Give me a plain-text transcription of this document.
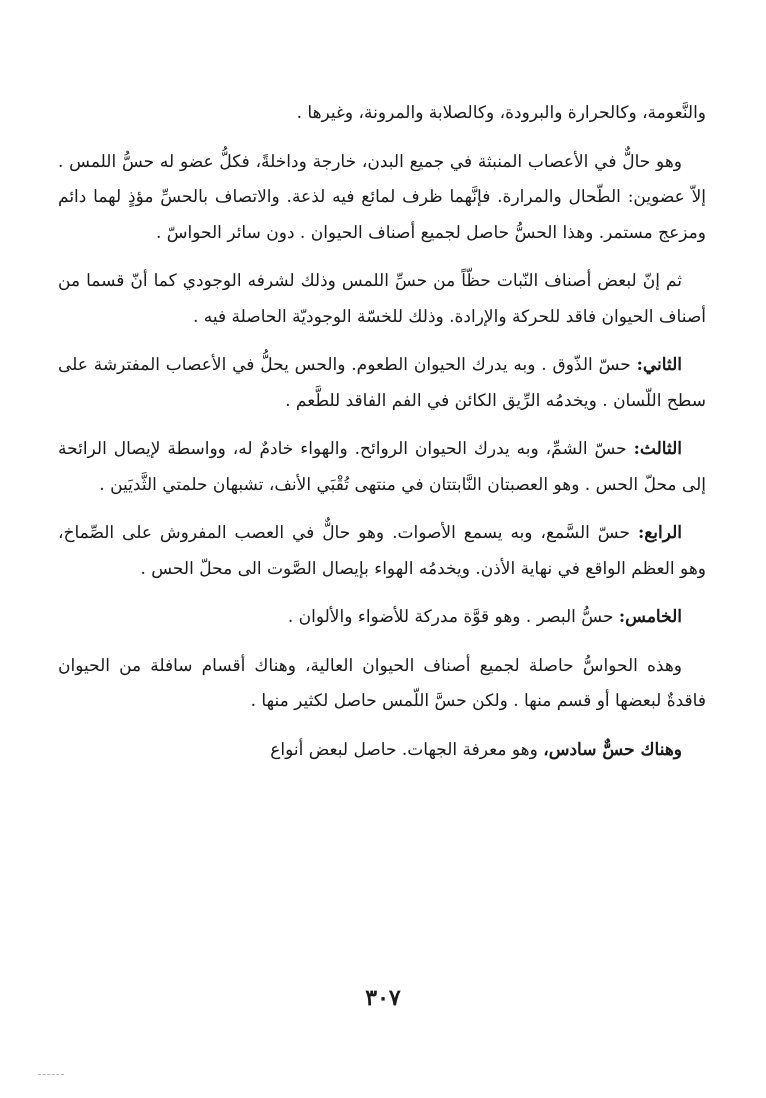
والنَّعومة، وكالحرارة والبرودة، وكالصلابة والمرونة، وغيرها .

وهو حالٌّ في الأعصاب المنبثة في جميع البدن، خارجة وداخلةً، فكلُّ عضو له حسُّ اللمس . إلاّ عضوين: الطّحال والمرارة. فإنَّهما ظرف لمائع فيه لذعة. والاتصاف بالحسِّ مؤذٍ لهما دائم ومزعج مستمر. وهذا الحسُّ حاصل لجميع أصناف الحيوان . دون سائر الحواسّ .

ثم إنّ لبعض أصناف النّبات حظّاً من حسِّ اللمس وذلك لشرفه الوجودي كما أنّ قسما من أصناف الحيوان فاقد للحركة والإرادة. وذلك للخسّة الوجوديّة الحاصلة فيه .

الثاني: حسّ الذّوق . وبه يدرك الحيوان الطعوم. والحس يحلُّ في الأعصاب المفترشة على سطح اللّسان . ويخدمُه الرِّيق الكائن في الفم الفاقد للطَّعم .

الثالث: حسّ الشمِّ، وبه يدرك الحيوان الروائح. والهواء خادمٌ له، وواسطة لإيصال الرائحة إلى محلّ الحس . وهو العصبتان النَّابتتان في منتهى تُقْبَي الأنف، تشبهان حلمتي الثَّديَين .

الرابع: حسّ السَّمع، وبه يسمع الأصوات. وهو حالٌّ في العصب المفروش على الصِّماخ، وهو العظم الواقع في نهاية الأذن. ويخدمُه الهواء بإيصال الصَّوت الى محلّ الحس .

الخامس: حسُّ البصر . وهو قوَّة مدركة للأضواء والألوان .

وهذه الحواسُّ حاصلة لجميع أصناف الحيوان العالية، وهناك أقسام سافلة من الحيوان فاقدةٌ لبعضها أو قسم منها . ولكن حسَّ اللّمس حاصل لكثير منها .

وهناك حسٌّ سادس، وهو معرفة الجهات. حاصل لبعض أنواع

٣٠٧
